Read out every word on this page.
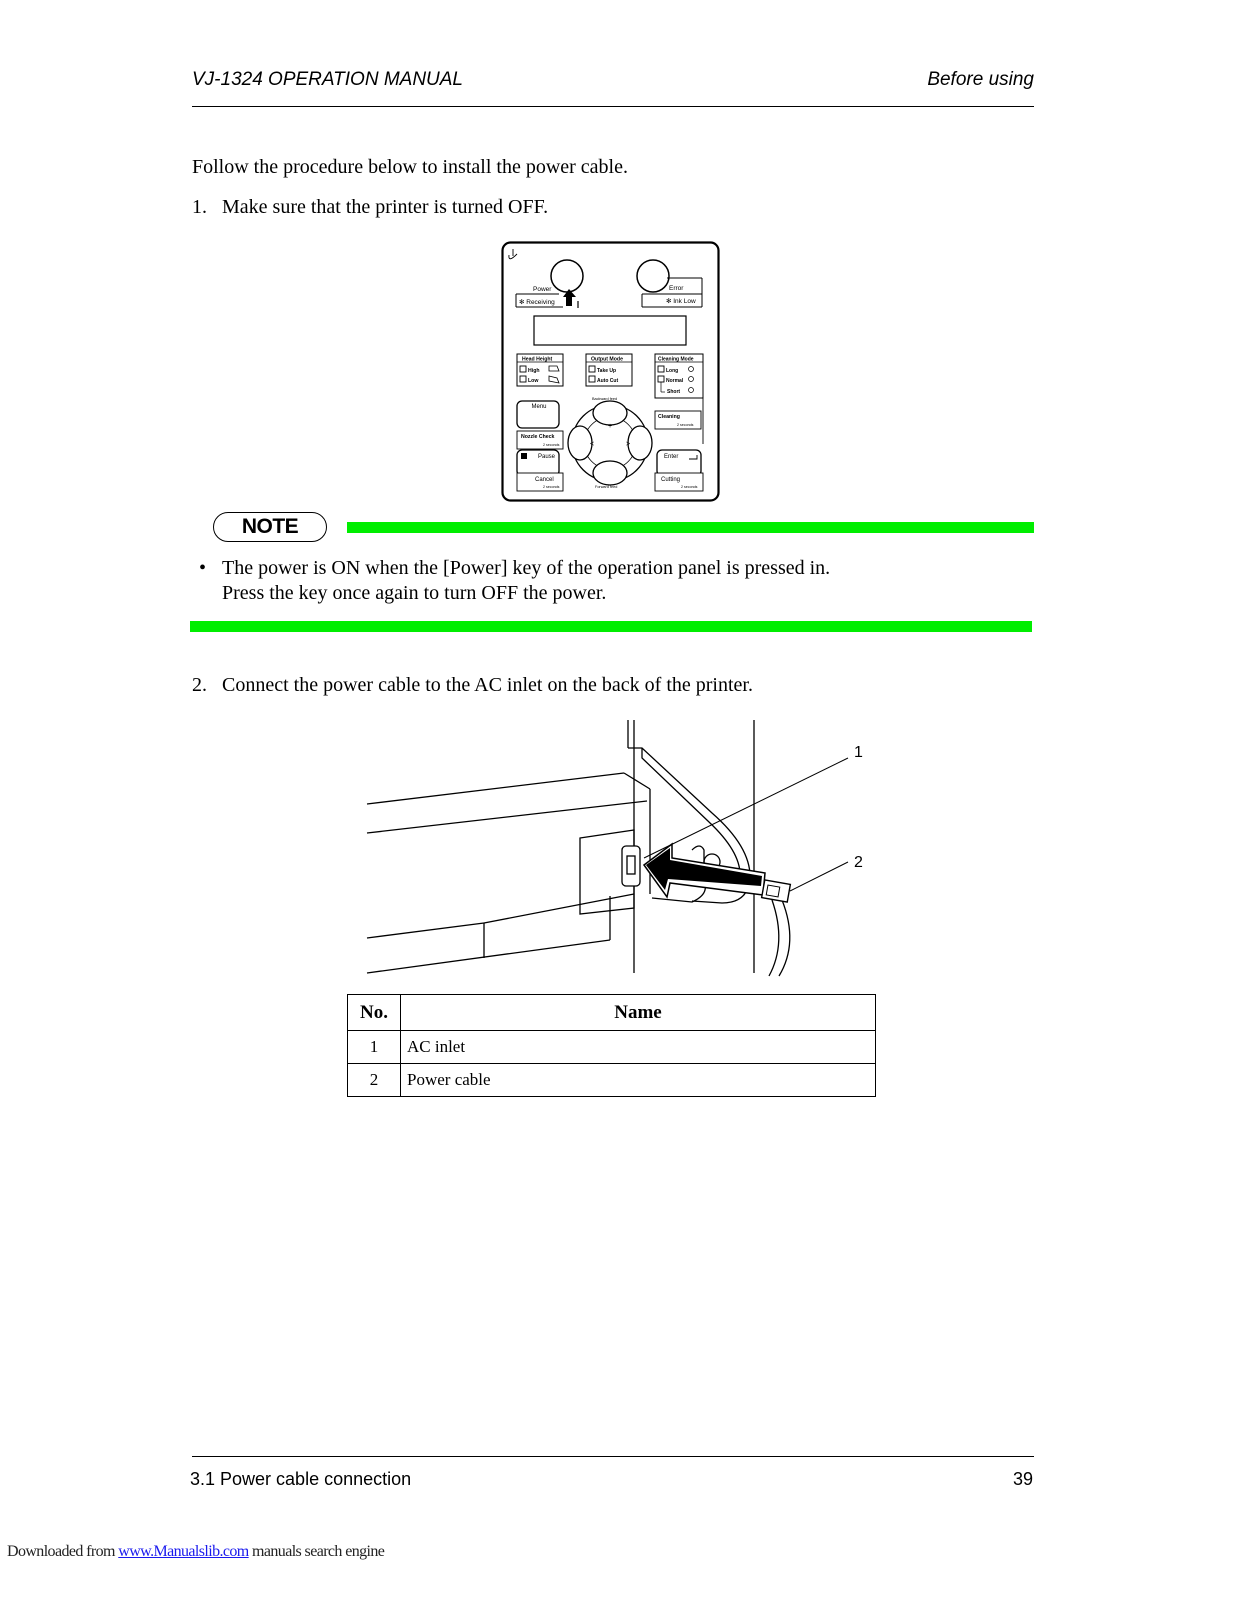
VJ-1324 OPERATION MANUAL	Before using
Follow the procedure below to install the power cable.
1. Make sure that the printer is turned OFF.
Power
✻ Receiving
Error
✻ Ink Low
Head Height
High
Low
Output Mode
Take Up
Auto Cut
Cleaning Mode
Long
Normal
Short
Menu
Nozzle Check
2 seconds
Pause
Cancel
2 seconds
Backward feed
Forward feed
+
–
<	>
Cleaning
2 seconds
Enter
Cutting
2 seconds
NOTE
• The power is ON when the [Power] key of the operation panel is pressed in.
Press the key once again to turn OFF the power.
2. Connect the power cable to the AC inlet on the back of the printer.
1
2
No.	Name
1	AC inlet
2	Power cable
3.1 Power cable connection	39
Downloaded from www.Manualslib.com manuals search engine
